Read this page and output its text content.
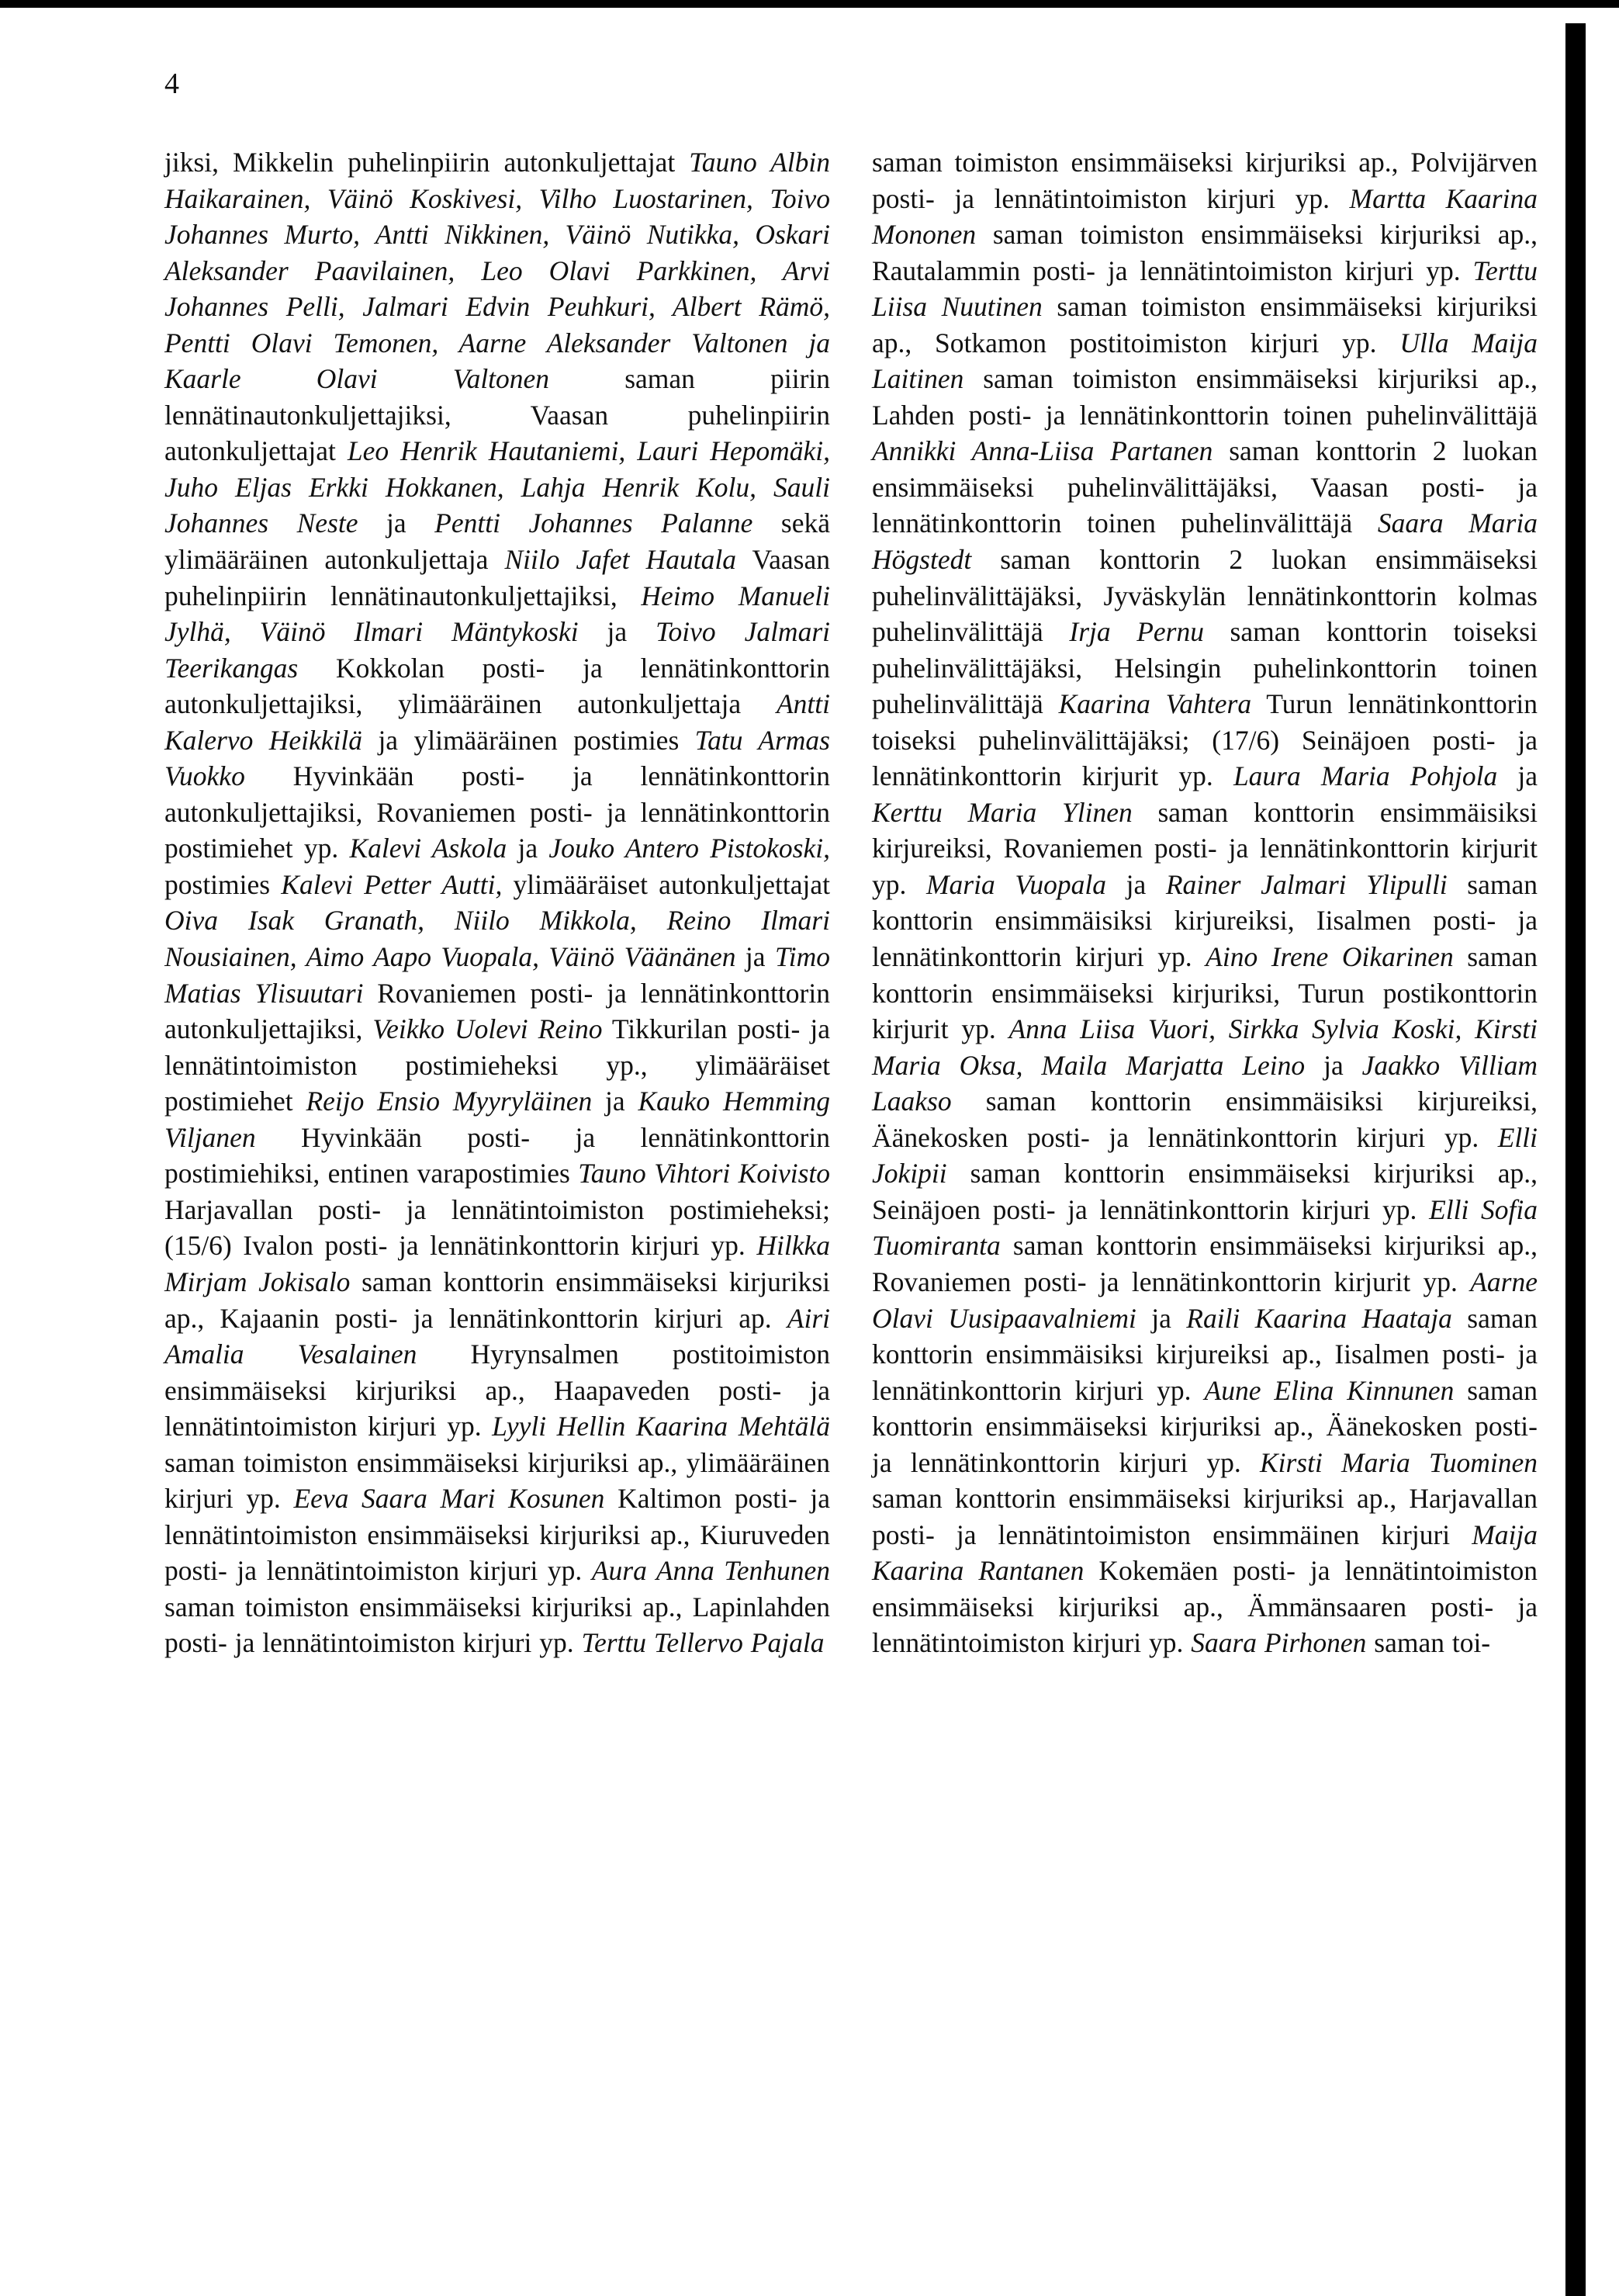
4

jiksi, Mikkelin puhelinpiirin autonkuljettajat Tauno Albin Haikarainen, Väinö Koskivesi, Vilho Luostarinen, Toivo Johannes Murto, Antti Nikkinen, Väinö Nutikka, Oskari Aleksander Paavilainen, Leo Olavi Parkkinen, Arvi Johannes Pelli, Jalmari Edvin Peuhkuri, Albert Rämö, Pentti Olavi Temonen, Aarne Aleksander Valtonen ja Kaarle Olavi Valtonen saman piirin lennätinautonkuljettajiksi, Vaasan puhelinpiirin autonkuljettajat Leo Henrik Hautaniemi, Lauri Hepomäki, Juho Eljas Erkki Hokkanen, Lahja Henrik Kolu, Sauli Johannes Neste ja Pentti Johannes Palanne sekä ylimääräinen autonkuljettaja Niilo Jafet Hautala Vaasan puhelinpiirin lennätinautonkuljettajiksi, Heimo Manueli Jylhä, Väinö Ilmari Mäntykoski ja Toivo Jalmari Teerikangas Kokkolan posti- ja lennätinkonttorin autonkuljettajiksi, ylimääräinen autonkuljettaja Antti Kalervo Heikkilä ja ylimääräinen postimies Tatu Armas Vuokko Hyvinkään posti- ja lennätinkonttorin autonkuljettajiksi, Rovaniemen posti- ja lennätinkonttorin postimiehet yp. Kalevi Askola ja Jouko Antero Pistokoski, postimies Kalevi Petter Autti, ylimääräiset autonkuljettajat Oiva Isak Granath, Niilo Mikkola, Reino Ilmari Nousiainen, Aimo Aapo Vuopala, Väinö Väänänen ja Timo Matias Ylisuutari Rovaniemen posti- ja lennätinkonttorin autonkuljettajiksi, Veikko Uolevi Reino Tikkurilan posti- ja lennätintoimiston postimieheksi yp., ylimääräiset postimiehet Reijo Ensio Myyryläinen ja Kauko Hemming Viljanen Hyvinkään posti- ja lennätinkonttorin postimiehiksi, entinen varapostimies Tauno Vihtori Koivisto Harjavallan posti- ja lennätintoimiston postimieheksi; (15/6) Ivalon posti- ja lennätinkonttorin kirjuri yp. Hilkka Mirjam Jokisalo saman konttorin ensimmäiseksi kirjuriksi ap., Kajaanin posti- ja lennätinkonttorin kirjuri ap. Airi Amalia Vesalainen Hyrynsalmen postitoimiston ensimmäiseksi kirjuriksi ap., Haapaveden posti- ja lennätintoimiston kirjuri yp. Lyyli Hellin Kaarina Mehtälä saman toimiston ensimmäiseksi kirjuriksi ap., ylimääräinen kirjuri yp. Eeva Saara Mari Kosunen Kaltimon posti- ja lennätintoimiston ensimmäiseksi kirjuriksi ap., Kiuruveden posti- ja lennätintoimiston kirjuri yp. Aura Anna Tenhunen saman toimiston ensimmäiseksi kirjuriksi ap., Lapinlahden posti- ja lennätintoimiston kirjuri yp. Terttu Tellervo Pajala

saman toimiston ensimmäiseksi kirjuriksi ap., Polvijärven posti- ja lennätintoimiston kirjuri yp. Martta Kaarina Mononen saman toimiston ensimmäiseksi kirjuriksi ap., Rautalammin posti- ja lennätintoimiston kirjuri yp. Terttu Liisa Nuutinen saman toimiston ensimmäiseksi kirjuriksi ap., Sotkamon postitoimiston kirjuri yp. Ulla Maija Laitinen saman toimiston ensimmäiseksi kirjuriksi ap., Lahden posti- ja lennätinkonttorin toinen puhelinvälittäjä Annikki Anna-Liisa Partanen saman konttorin 2 luokan ensimmäiseksi puhelinvälittäjäksi, Vaasan posti- ja lennätinkonttorin toinen puhelinvälittäjä Saara Maria Högstedt saman konttorin 2 luokan ensimmäiseksi puhelinvälittäjäksi, Jyväskylän lennätinkonttorin kolmas puhelinvälittäjä Irja Pernu saman konttorin toiseksi puhelinvälittäjäksi, Helsingin puhelinkonttorin toinen puhelinvälittäjä Kaarina Vahtera Turun lennätinkonttorin toiseksi puhelinvälittäjäksi; (17/6) Seinäjoen posti- ja lennätinkonttorin kirjurit yp. Laura Maria Pohjola ja Kerttu Maria Ylinen saman konttorin ensimmäisiksi kirjureiksi, Rovaniemen posti- ja lennätinkonttorin kirjurit yp. Maria Vuopala ja Rainer Jalmari Ylipulli saman konttorin ensimmäisiksi kirjureiksi, Iisalmen posti- ja lennätinkonttorin kirjuri yp. Aino Irene Oikarinen saman konttorin ensimmäiseksi kirjuriksi, Turun postikonttorin kirjurit yp. Anna Liisa Vuori, Sirkka Sylvia Koski, Kirsti Maria Oksa, Maila Marjatta Leino ja Jaakko Villiam Laakso saman konttorin ensimmäisiksi kirjureiksi, Äänekosken posti- ja lennätinkonttorin kirjuri yp. Elli Jokipii saman konttorin ensimmäiseksi kirjuriksi ap., Seinäjoen posti- ja lennätinkonttorin kirjuri yp. Elli Sofia Tuomiranta saman konttorin ensimmäiseksi kirjuriksi ap., Rovaniemen posti- ja lennätinkonttorin kirjurit yp. Aarne Olavi Uusipaavalniemi ja Raili Kaarina Haataja saman konttorin ensimmäisiksi kirjureiksi ap., Iisalmen posti- ja lennätinkonttorin kirjuri yp. Aune Elina Kinnunen saman konttorin ensimmäiseksi kirjuriksi ap., Äänekosken posti- ja lennätinkonttorin kirjuri yp. Kirsti Maria Tuominen saman konttorin ensimmäiseksi kirjuriksi ap., Harjavallan posti- ja lennätintoimiston ensimmäinen kirjuri Maija Kaarina Rantanen Kokemäen posti- ja lennätintoimiston ensimmäiseksi kirjuriksi ap., Ämmänsaaren posti- ja lennätintoimiston kirjuri yp. Saara Pirhonen saman toi-
